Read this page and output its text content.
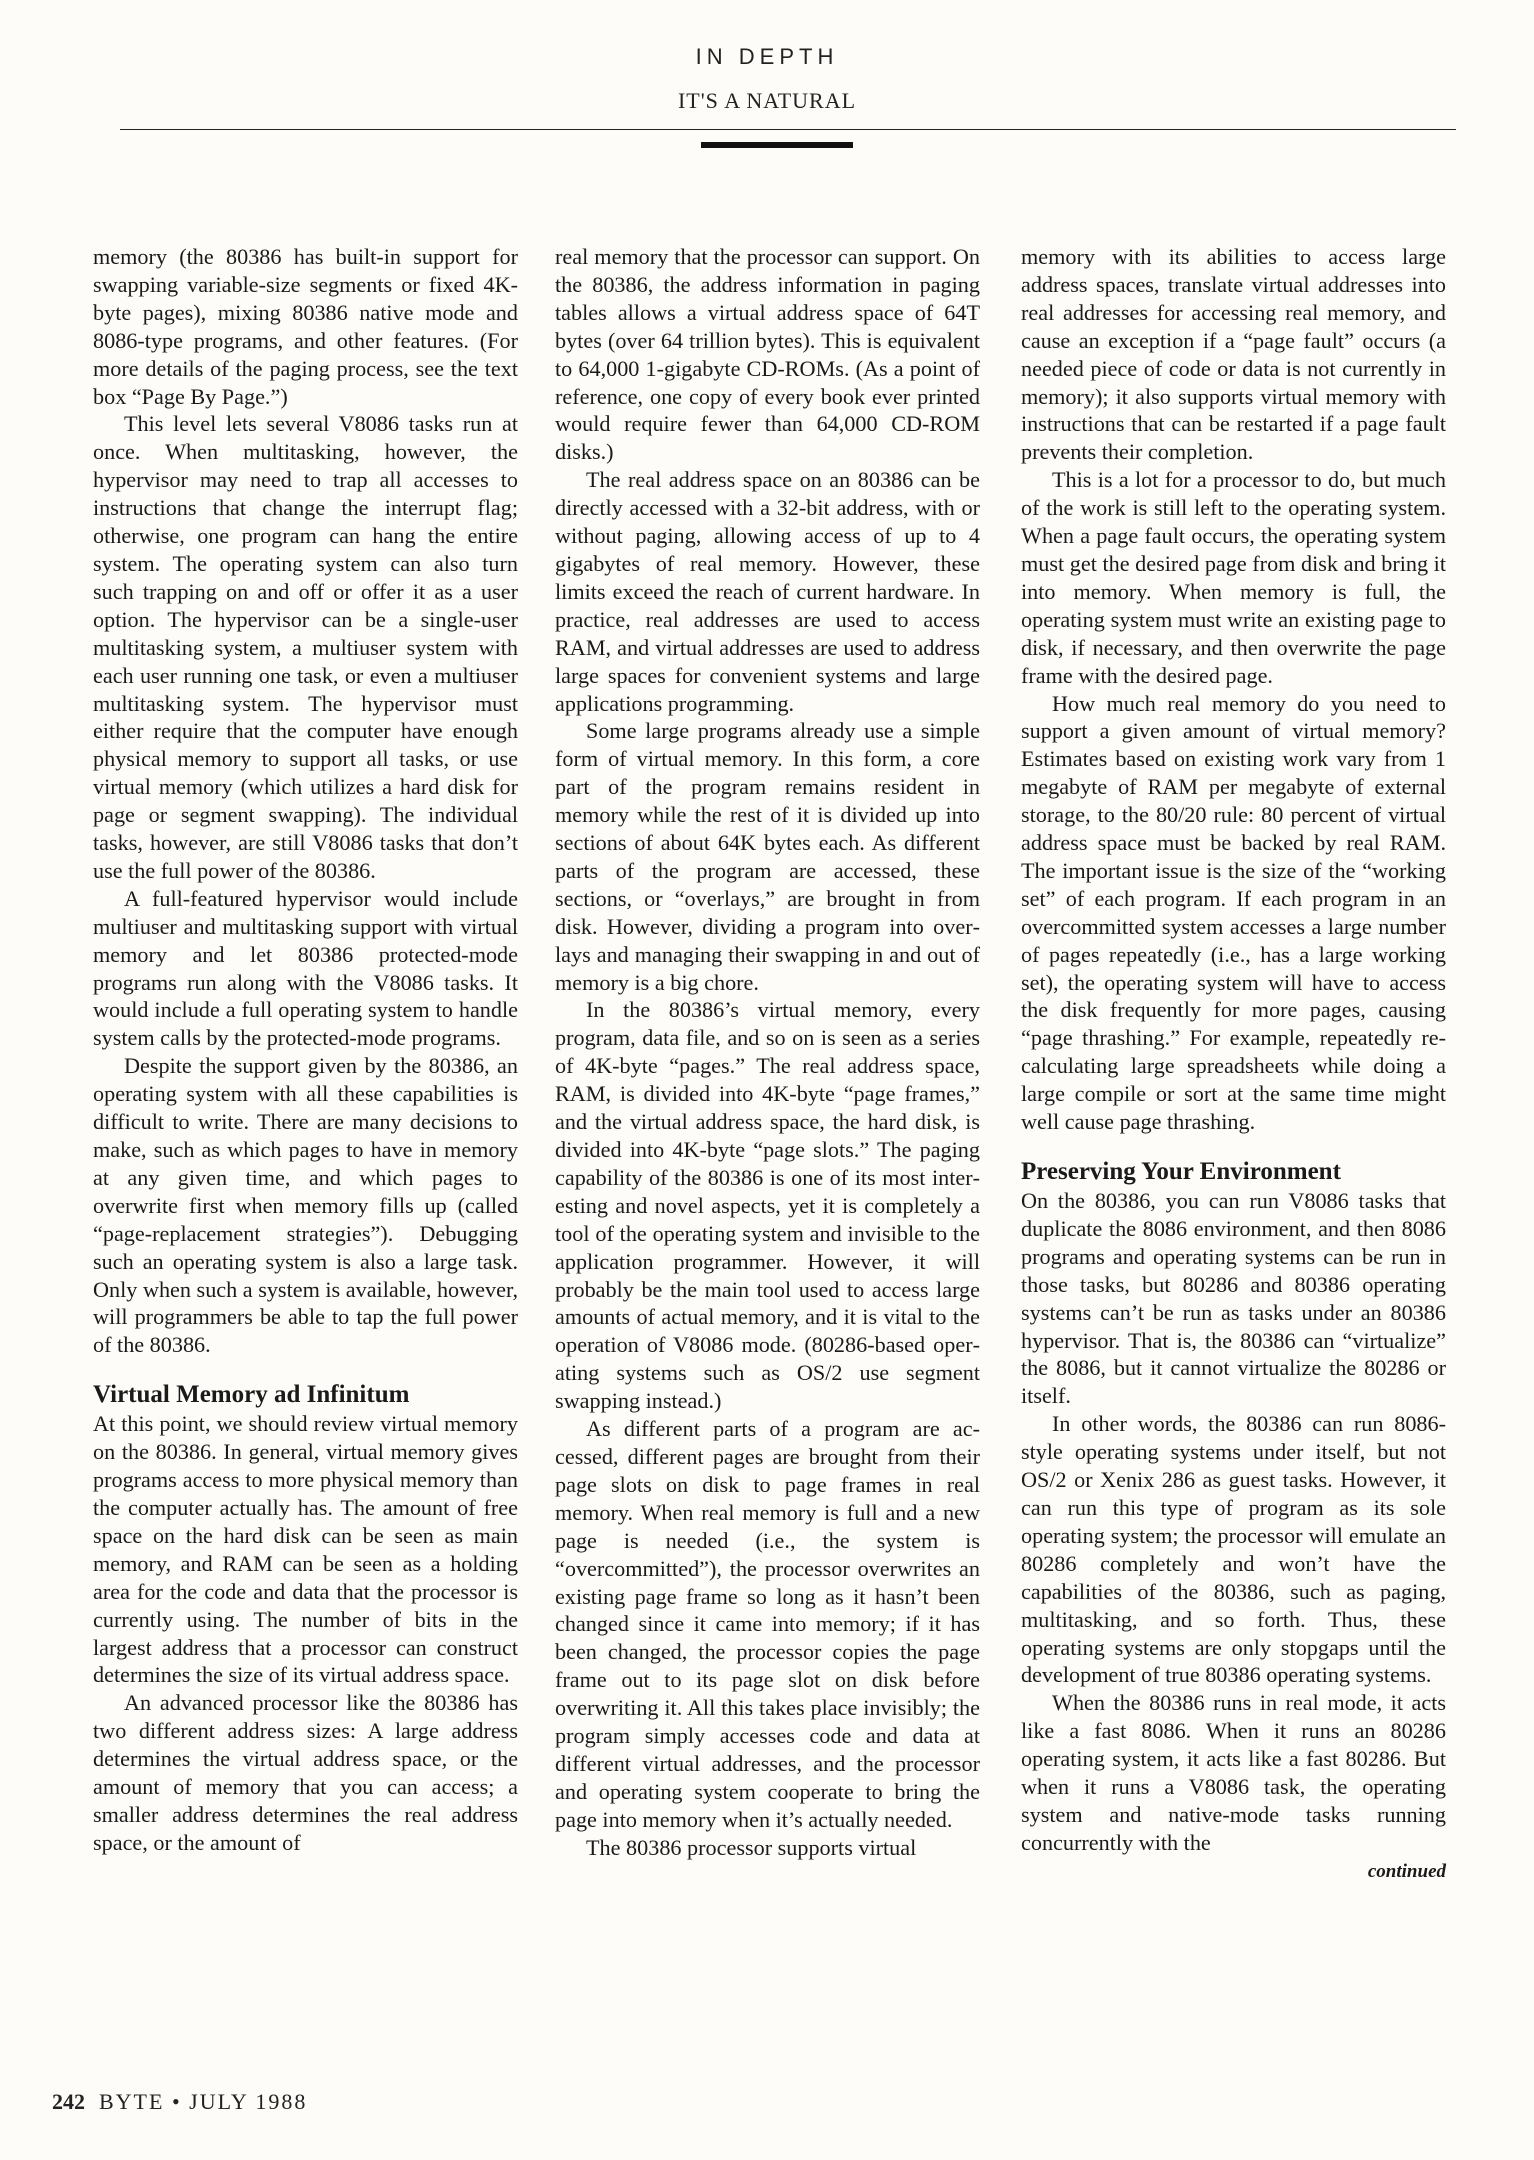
IN DEPTH
IT'S A NATURAL

memory (the 80386 has built-in support for swapping variable-size segments or fixed 4K-byte pages), mixing 80386 native mode and 8086-type programs, and other features. (For more details of the paging process, see the text box “Page By Page.”)

This level lets several V8086 tasks run at once. When multitasking, however, the hypervisor may need to trap all accesses to instructions that change the interrupt flag; otherwise, one program can hang the entire system. The operating system can also turn such trapping on and off or offer it as a user option. The hypervisor can be a single-user multitasking system, a multiuser system with each user running one task, or even a multiuser multitasking system. The hypervisor must either require that the computer have enough physical memory to support all tasks, or use virtual memory (which utilizes a hard disk for page or segment swapping). The individual tasks, however, are still V8086 tasks that don’t use the full power of the 80386.

A full-featured hypervisor would include multiuser and multitasking support with virtual memory and let 80386 protected-mode programs run along with the V8086 tasks. It would include a full operating system to handle system calls by the protected-mode programs.

Despite the support given by the 80386, an operating system with all these capabilities is difficult to write. There are many decisions to make, such as which pages to have in memory at any given time, and which pages to overwrite first when memory fills up (called “page-replacement strategies”). Debugging such an operating system is also a large task. Only when such a system is available, however, will programmers be able to tap the full power of the 80386.

Virtual Memory ad Infinitum

At this point, we should review virtual memory on the 80386. In general, virtual memory gives programs access to more physical memory than the computer actually has. The amount of free space on the hard disk can be seen as main memory, and RAM can be seen as a holding area for the code and data that the processor is currently using. The number of bits in the largest address that a processor can construct determines the size of its virtual address space.

An advanced processor like the 80386 has two different address sizes: A large address determines the virtual address space, or the amount of memory that you can access; a smaller address determines the real address space, or the amount of

real memory that the processor can support. On the 80386, the address information in paging tables allows a virtual address space of 64T bytes (over 64 trillion bytes). This is equivalent to 64,000 1-gigabyte CD-ROMs. (As a point of reference, one copy of every book ever printed would require fewer than 64,000 CD-ROM disks.)

The real address space on an 80386 can be directly accessed with a 32-bit address, with or without paging, allowing access of up to 4 gigabytes of real memory. However, these limits exceed the reach of current hardware. In practice, real addresses are used to access RAM, and virtual addresses are used to address large spaces for convenient systems and large applications programming.

Some large programs already use a simple form of virtual memory. In this form, a core part of the program remains resident in memory while the rest of it is divided up into sections of about 64K bytes each. As different parts of the program are accessed, these sections, or “overlays,” are brought in from disk. However, dividing a program into overlays and managing their swapping in and out of memory is a big chore.

In the 80386’s virtual memory, every program, data file, and so on is seen as a series of 4K-byte “pages.” The real address space, RAM, is divided into 4K-byte “page frames,” and the virtual address space, the hard disk, is divided into 4K-byte “page slots.” The paging capability of the 80386 is one of its most interesting and novel aspects, yet it is completely a tool of the operating system and invisible to the application programmer. However, it will probably be the main tool used to access large amounts of actual memory, and it is vital to the operation of V8086 mode. (80286-based operating systems such as OS/2 use segment swapping instead.)

As different parts of a program are accessed, different pages are brought from their page slots on disk to page frames in real memory. When real memory is full and a new page is needed (i.e., the system is “overcommitted”), the processor overwrites an existing page frame so long as it hasn’t been changed since it came into memory; if it has been changed, the processor copies the page frame out to its page slot on disk before overwriting it. All this takes place invisibly; the program simply accesses code and data at different virtual addresses, and the processor and operating system cooperate to bring the page into memory when it’s actually needed.

The 80386 processor supports virtual

memory with its abilities to access large address spaces, translate virtual addresses into real addresses for accessing real memory, and cause an exception if a “page fault” occurs (a needed piece of code or data is not currently in memory); it also supports virtual memory with instructions that can be restarted if a page fault prevents their completion.

This is a lot for a processor to do, but much of the work is still left to the operating system. When a page fault occurs, the operating system must get the desired page from disk and bring it into memory. When memory is full, the operating system must write an existing page to disk, if necessary, and then overwrite the page frame with the desired page.

How much real memory do you need to support a given amount of virtual memory? Estimates based on existing work vary from 1 megabyte of RAM per megabyte of external storage, to the 80/20 rule: 80 percent of virtual address space must be backed by real RAM. The important issue is the size of the “working set” of each program. If each program in an overcommitted system accesses a large number of pages repeatedly (i.e., has a large working set), the operating system will have to access the disk frequently for more pages, causing “page thrashing.” For example, repeatedly recalculating large spreadsheets while doing a large compile or sort at the same time might well cause page thrashing.

Preserving Your Environment

On the 80386, you can run V8086 tasks that duplicate the 8086 environment, and then 8086 programs and operating systems can be run in those tasks, but 80286 and 80386 operating systems can’t be run as tasks under an 80386 hypervisor. That is, the 80386 can “virtualize” the 8086, but it cannot virtualize the 80286 or itself.

In other words, the 80386 can run 8086-style operating systems under itself, but not OS/2 or Xenix 286 as guest tasks. However, it can run this type of program as its sole operating system; the processor will emulate an 80286 completely and won’t have the capabilities of the 80386, such as paging, multitasking, and so forth. Thus, these operating systems are only stopgaps until the development of true 80386 operating systems.

When the 80386 runs in real mode, it acts like a fast 8086. When it runs an 80286 operating system, it acts like a fast 80286. But when it runs a V8086 task, the operating system and native-mode tasks running concurrently with the

continued
242 BYTE • JULY 1988
